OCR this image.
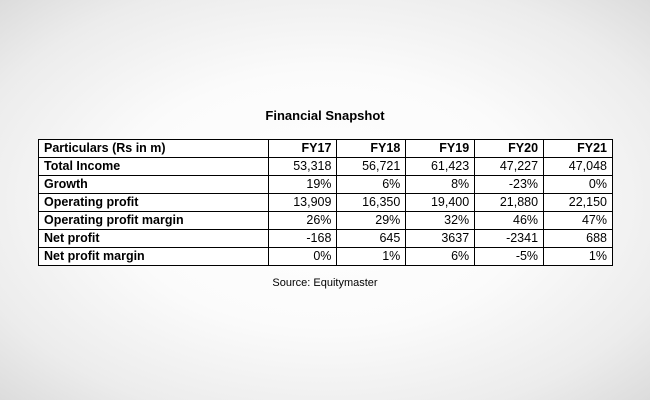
Financial Snapshot
Particulars (Rs in m)	FY17	FY18	FY19	FY20	FY21
Total Income	53,318	56,721	61,423	47,227	47,048
Growth	19%	6%	8%	-23%	0%
Operating profit	13,909	16,350	19,400	21,880	22,150
Operating profit margin	26%	29%	32%	46%	47%
Net profit	-168	645	3637	-2341	688
Net profit margin	0%	1%	6%	-5%	1%
Source: Equitymaster
